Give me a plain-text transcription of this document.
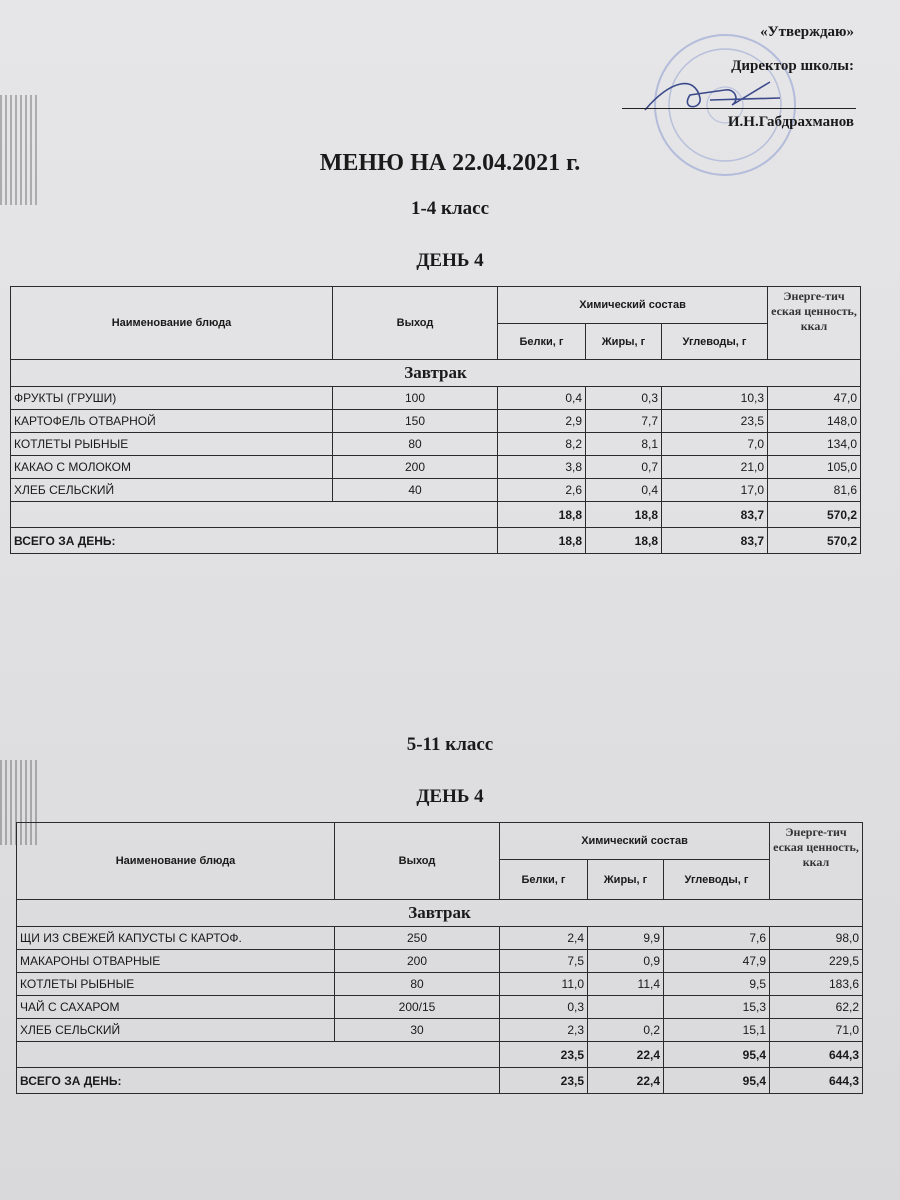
«Утверждаю»
Директор школы:
И.Н.Габдрахманов
МЕНЮ НА 22.04.2021 г.
1-4 класс
ДЕНЬ 4
Наименование блюда	Выход	Химический состав			Энерге-тич еская ценность, ккал
		Белки, г	Жиры, г	Углеводы, г	
Завтрак					
ФРУКТЫ (ГРУШИ)	100	0,4	0,3	10,3	47,0
КАРТОФЕЛЬ ОТВАРНОЙ	150	2,9	7,7	23,5	148,0
КОТЛЕТЫ РЫБНЫЕ	80	8,2	8,1	7,0	134,0
КАКАО С МОЛОКОМ	200	3,8	0,7	21,0	105,0
ХЛЕБ СЕЛЬСКИЙ	40	2,6	0,4	17,0	81,6
		18,8	18,8	83,7	570,2
ВСЕГО ЗА ДЕНЬ:		18,8	18,8	83,7	570,2
5-11 класс
ДЕНЬ 4
Наименование блюда	Выход	Химический состав			Энерге-тич еская ценность, ккал
		Белки, г	Жиры, г	Углеводы, г	
Завтрак					
ЩИ ИЗ СВЕЖЕЙ КАПУСТЫ С КАРТОФ.	250	2,4	9,9	7,6	98,0
МАКАРОНЫ ОТВАРНЫЕ	200	7,5	0,9	47,9	229,5
КОТЛЕТЫ РЫБНЫЕ	80	11,0	11,4	9,5	183,6
ЧАЙ С САХАРОМ	200/15	0,3		15,3	62,2
ХЛЕБ СЕЛЬСКИЙ	30	2,3	0,2	15,1	71,0
		23,5	22,4	95,4	644,3
ВСЕГО ЗА ДЕНЬ:		23,5	22,4	95,4	644,3
